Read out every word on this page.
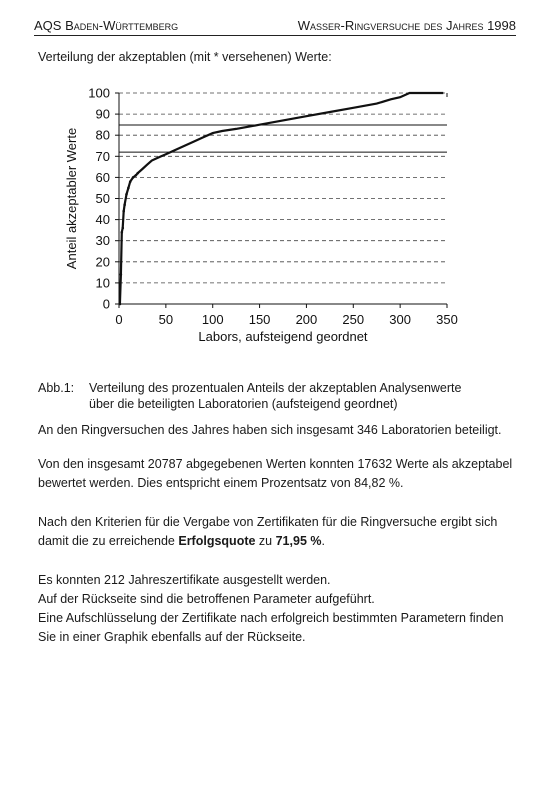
AQS Baden-Württemberg	Wasser-Ringversuche des Jahres 1998
Verteilung der akzeptablen (mit * versehenen) Werte:
0
10
20
30
40
50
60
70
80
90
100
0	50 100 150 200 250 300 350
Labors, aufsteigend geordnet
Anteil akzeptabler Werte
Abb.1:	Verteilung des prozentualen Anteils der akzeptablen Analysenwerte
über die beteiligten Laboratorien (aufsteigend geordnet)
An den Ringversuchen des Jahres haben sich insgesamt 346 Laboratorien beteiligt.
Von den insgesamt 20787 abgegebenen Werten konnten 17632 Werte als akzeptabel
bewertet werden. Dies entspricht einem Prozentsatz von 84,82 %.
Nach den Kriterien für die Vergabe von Zertifikaten für die Ringversuche ergibt sich
damit die zu erreichende Erfolgsquote zu 71,95 %.
Es konnten 212 Jahreszertifikate ausgestellt werden.
Auf der Rückseite sind die betroffenen Parameter aufgeführt.
Eine Aufschlüsselung der Zertifikate nach erfolgreich bestimmten Parametern finden
Sie in einer Graphik ebenfalls auf der Rückseite.
